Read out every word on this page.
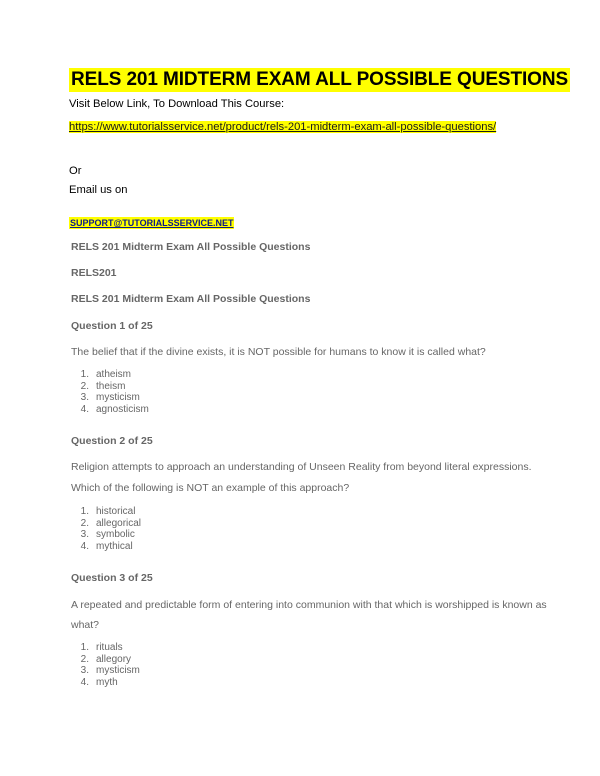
RELS 201 MIDTERM EXAM ALL POSSIBLE QUESTIONS
Visit Below Link, To Download This Course:
https://www.tutorialsservice.net/product/rels-201-midterm-exam-all-possible-questions/
Or
Email us on
SUPPORT@TUTORIALSSERVICE.NET
RELS 201 Midterm Exam All Possible Questions
RELS201
RELS 201 Midterm Exam All Possible Questions
Question 1 of 25
The belief that if the divine exists, it is NOT possible for humans to know it is called what?
1. atheism
2. theism
3. mysticism
4. agnosticism
Question 2 of 25
Religion attempts to approach an understanding of Unseen Reality from beyond literal expressions.
Which of the following is NOT an example of this approach?
1. historical
2. allegorical
3. symbolic
4. mythical
Question 3 of 25
A repeated and predictable form of entering into communion with that which is worshipped is known as
what?
1. rituals
2. allegory
3. mysticism
4. myth
